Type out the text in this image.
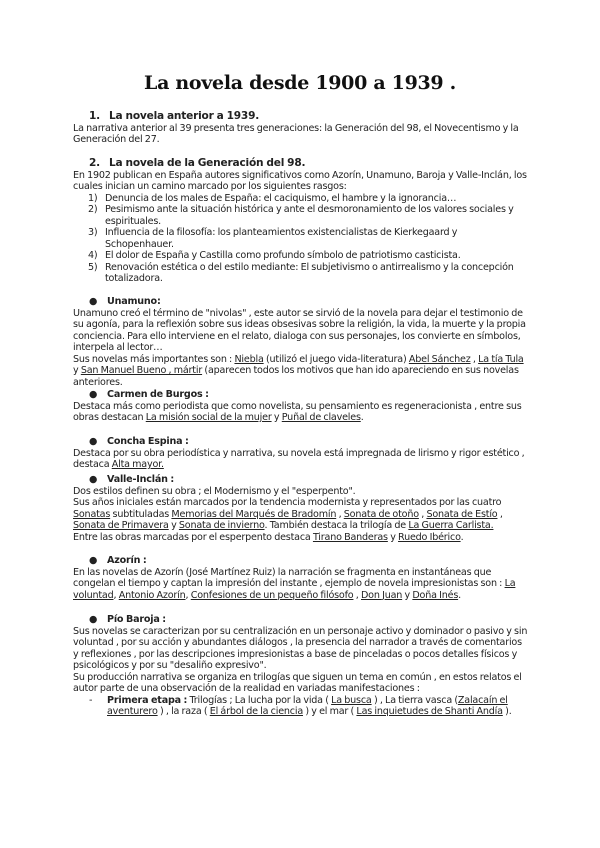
La novela desde 1900 a 1939 .
1. La novela anterior a 1939.
La narrativa anterior al 39 presenta tres generaciones: la Generación del 98, el Novecentismo y la Generación del 27.
2. La novela de la Generación del 98.
En 1902 publican en España autores significativos como Azorín, Unamuno, Baroja y Valle-Inclán, los cuales inician un camino marcado por los siguientes rasgos:
1) Denuncia de los males de España: el caciquismo, el hambre y la ignorancia…
2) Pesimismo ante la situación histórica y ante el desmoronamiento de los valores sociales y espirituales.
3) Influencia de la filosofía: los planteamientos existencialistas de Kierkegaard y Schopenhauer.
4) El dolor de España y Castilla como profundo símbolo de patriotismo casticista.
5) Renovación estética o del estilo mediante: El subjetivismo o antirrealismo y la concepción totalizadora.
● Unamuno:
Unamuno creó el término de "nivolas" , este autor se sirvió de la novela para dejar el testimonio de su agonía, para la reflexión sobre sus ideas obsesivas sobre la religión, la vida, la muerte y la propia conciencia. Para ello interviene en el relato, dialoga con sus personajes, los convierte en símbolos, interpela al lector…
Sus novelas más importantes son : Niebla (utilizó el juego vida-literatura) Abel Sánchez , La tía Tula y San Manuel Bueno , mártir (aparecen todos los motivos que han ido apareciendo en sus novelas anteriores.
● Carmen de Burgos :
Destaca más como periodista que como novelista, su pensamiento es regeneracionista , entre sus obras destacan La misión social de la mujer y Puñal de claveles.
● Concha Espina :
Destaca por su obra periodística y narrativa, su novela está impregnada de lirismo y rigor estético , destaca Alta mayor.
● Valle-Inclán :
Dos estilos definen su obra ; el Modernismo y el "esperpento".
Sus años iniciales están marcados por la tendencia modernista y representados por las cuatro Sonatas subtituladas Memorias del Marqués de Bradomín , Sonata de otoño , Sonata de Estío , Sonata de Primavera y Sonata de invierno. También destaca la trilogía de La Guerra Carlista.
Entre las obras marcadas por el esperpento destaca Tirano Banderas y Ruedo Ibérico.
● Azorín :
En las novelas de Azorín (José Martínez Ruiz) la narración se fragmenta en instantáneas que congelan el tiempo y captan la impresión del instante , ejemplo de novela impresionistas son : La voluntad, Antonio Azorín, Confesiones de un pequeño filósofo , Don Juan y Doña Inés.
● Pío Baroja :
Sus novelas se caracterizan por su centralización en un personaje activo y dominador o pasivo y sin voluntad , por su acción y abundantes diálogos , la presencia del narrador a través de comentarios y reflexiones , por las descripciones impresionistas a base de pinceladas o pocos detalles físicos y psicológicos y por su "desaliño expresivo".
Su producción narrativa se organiza en trilogías que siguen un tema en común , en estos relatos el autor parte de una observación de la realidad en variadas manifestaciones :
- Primera etapa : Trilogías ; La lucha por la vida ( La busca ) , La tierra vasca (Zalacaín el aventurero ) , la raza ( El árbol de la ciencia ) y el mar ( Las inquietudes de Shanti Andía ).
